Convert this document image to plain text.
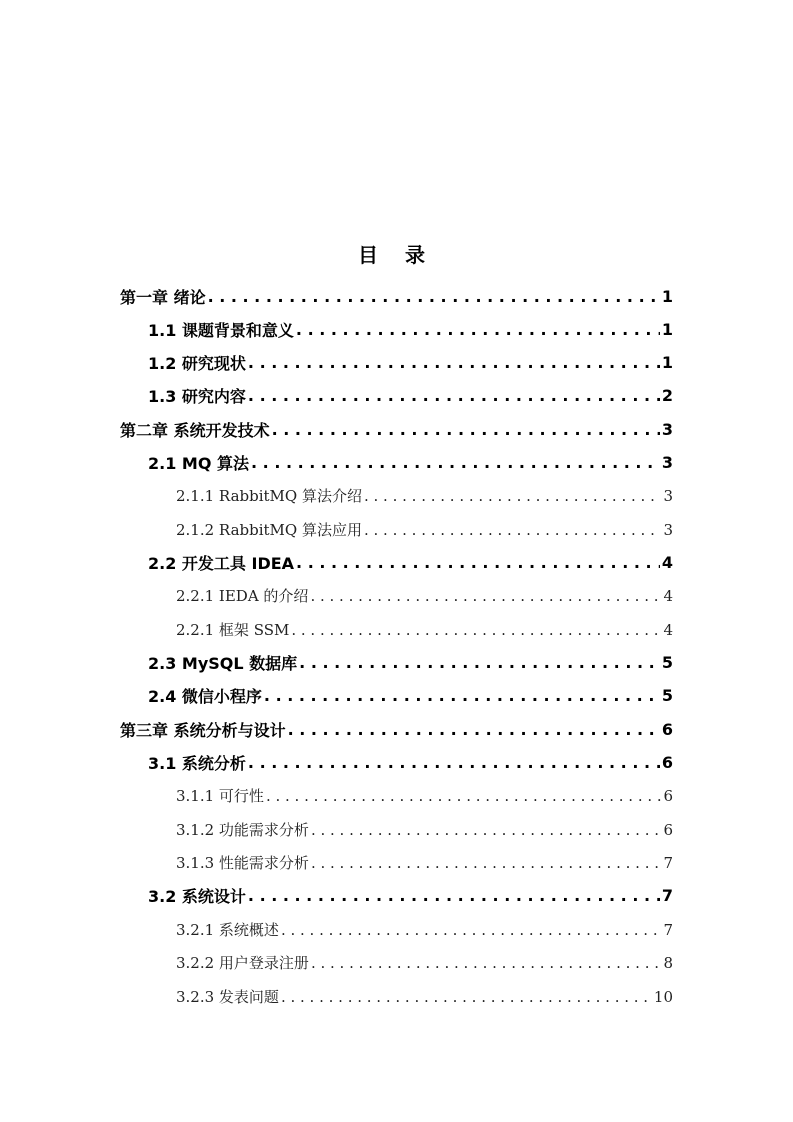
目 录
第一章 绪论 . . .	1
1.1 课题背景和意义 . . .	1
1.2 研究现状 . . .	1
1.3 研究内容 . . .	2
第二章 系统开发技术 . . .	3
2.1 MQ 算法 . . .	3
2.1.1 RabbitMQ 算法介绍 . . .	3
2.1.2 RabbitMQ 算法应用 . . .	3
2.2 开发工具 IDEA . . .	4
2.2.1 IEDA 的介绍 . . .	4
2.2.1 框架 SSM . . .	4
2.3 MySQL 数据库 . . .	5
2.4 微信小程序 . . .	5
第三章 系统分析与设计 . . .	6
3.1 系统分析 . . .	6
3.1.1 可行性 . . .	6
3.1.2 功能需求分析 . . .	6
3.1.3 性能需求分析 . . .	7
3.2 系统设计 . . .	7
3.2.1 系统概述 . . .	7
3.2.2 用户登录注册 . . .	8
3.2.3 发表问题 . . .	10
